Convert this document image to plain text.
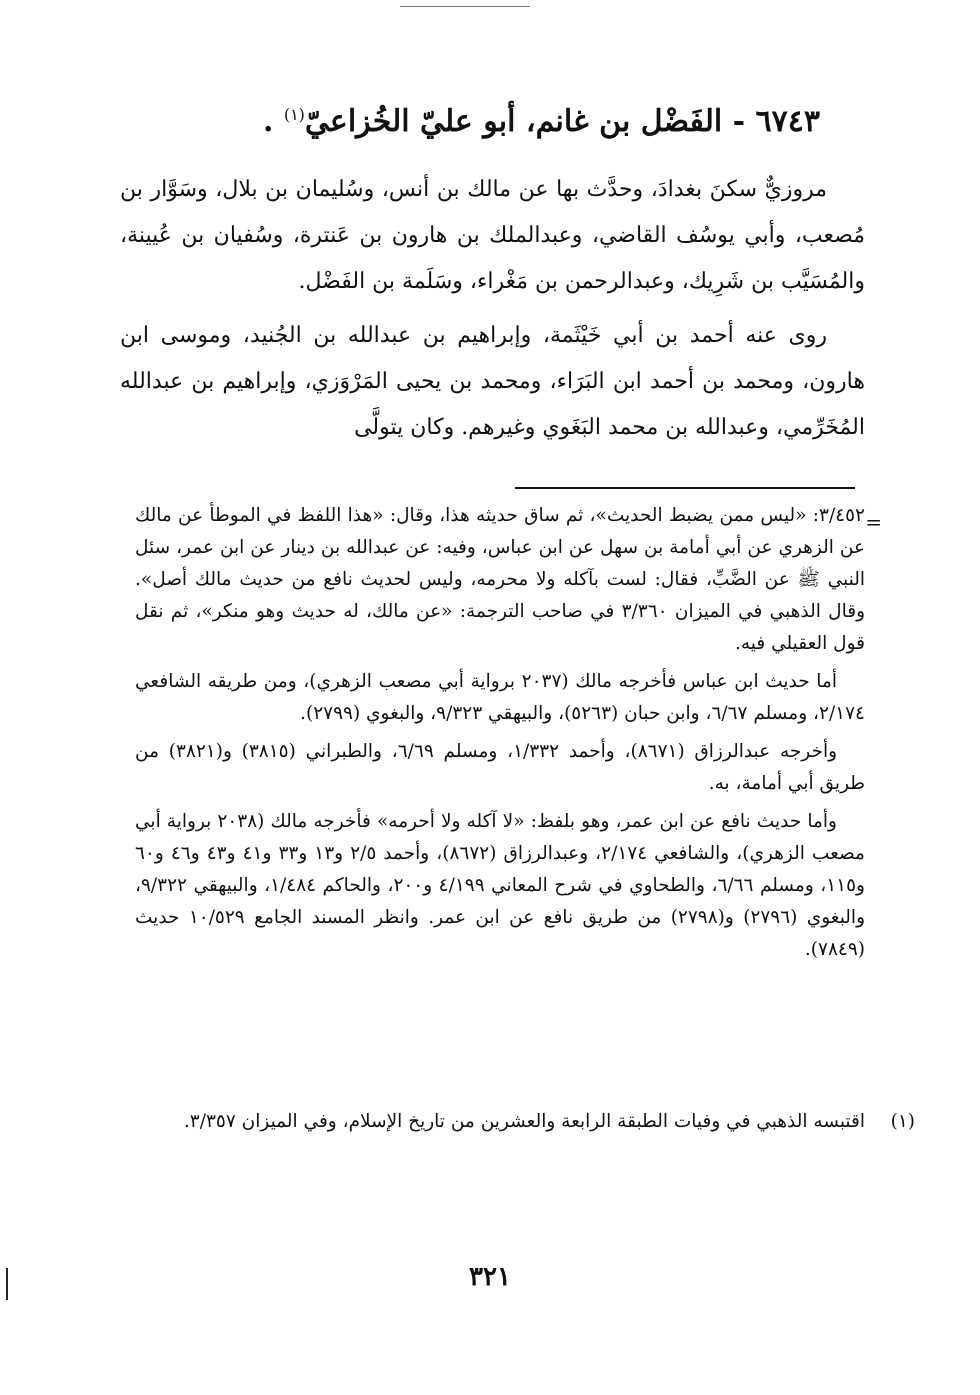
٦٧٤٣ - الفَضْل بن غانم، أبو عليّ الخُزاعيّ$^{(١)}$ .

مروزيٌّ سكنَ بغدادَ، وحدَّث بها عن مالك بن أنس، وسُليمان بن بلال، وسَوَّار بن مُصعب، وأبي يوسُف القاضي، وعبدالملك بن هارون بن عَنترة، وسُفيان بن عُيينة، والمُسَيَّب بن شَرِيك، وعبدالرحمن بن مَغْراء، وسَلَمة بن الفَضْل.

روى عنه أحمد بن أبي خَيْثَمة، وإبراهيم بن عبدالله بن الجُنيد، وموسى ابن هارون، ومحمد بن أحمد ابن البَرَاء، ومحمد بن يحيى المَرْوَزي، وإبراهيم بن عبدالله المُخَرِّمي، وعبدالله بن محمد البَغَوي وغيرهم. وكان يتولَّى

=

٣/٤٥٢: «ليس ممن يضبط الحديث»، ثم ساق حديثه هذا، وقال: «هذا اللفظ في الموطأ عن مالك عن الزهري عن أبي أمامة بن سهل عن ابن عباس، وفيه: عن عبدالله بن دينار عن ابن عمر، سئل النبي ﷺ عن الضَّبِّ، فقال: لست بآكله ولا محرمه، وليس لحديث نافع من حديث مالك أصل». وقال الذهبي في الميزان ٣/٣٦٠ في صاحب الترجمة: «عن مالك، له حديث وهو منكر»، ثم نقل قول العقيلي فيه.

أما حديث ابن عباس فأخرجه مالك (٢٠٣٧ برواية أبي مصعب الزهري)، ومن طريقه الشافعي ٢/١٧٤، ومسلم ٦/٦٧، وابن حبان (٥٢٦٣)، والبيهقي ٩/٣٢٣، والبغوي (٢٧٩٩).

وأخرجه عبدالرزاق (٨٦٧١)، وأحمد ١/٣٣٢، ومسلم ٦/٦٩، والطبراني (٣٨١٥) و(٣٨٢١) من طريق أبي أمامة، به.

وأما حديث نافع عن ابن عمر، وهو بلفظ: «لا آكله ولا أحرمه» فأخرجه مالك (٢٠٣٨ برواية أبي مصعب الزهري)، والشافعي ٢/١٧٤، وعبدالرزاق (٨٦٧٢)، وأحمد ٢/٥ و١٣ و٣٣ و٤١ و٤٣ و٤٦ و٦٠ و١١٥، ومسلم ٦/٦٦، والطحاوي في شرح المعاني ٤/١٩٩ و٢٠٠، والحاكم ١/٤٨٤، والبيهقي ٩/٣٢٢، والبغوي (٢٧٩٦) و(٢٧٩٨) من طريق نافع عن ابن عمر. وانظر المسند الجامع ١٠/٥٢٩ حديث (٧٨٤٩).

(١)
اقتبسه الذهبي في وفيات الطبقة الرابعة والعشرين من تاريخ الإسلام، وفي الميزان ٣/٣٥٧.
٣٢١
